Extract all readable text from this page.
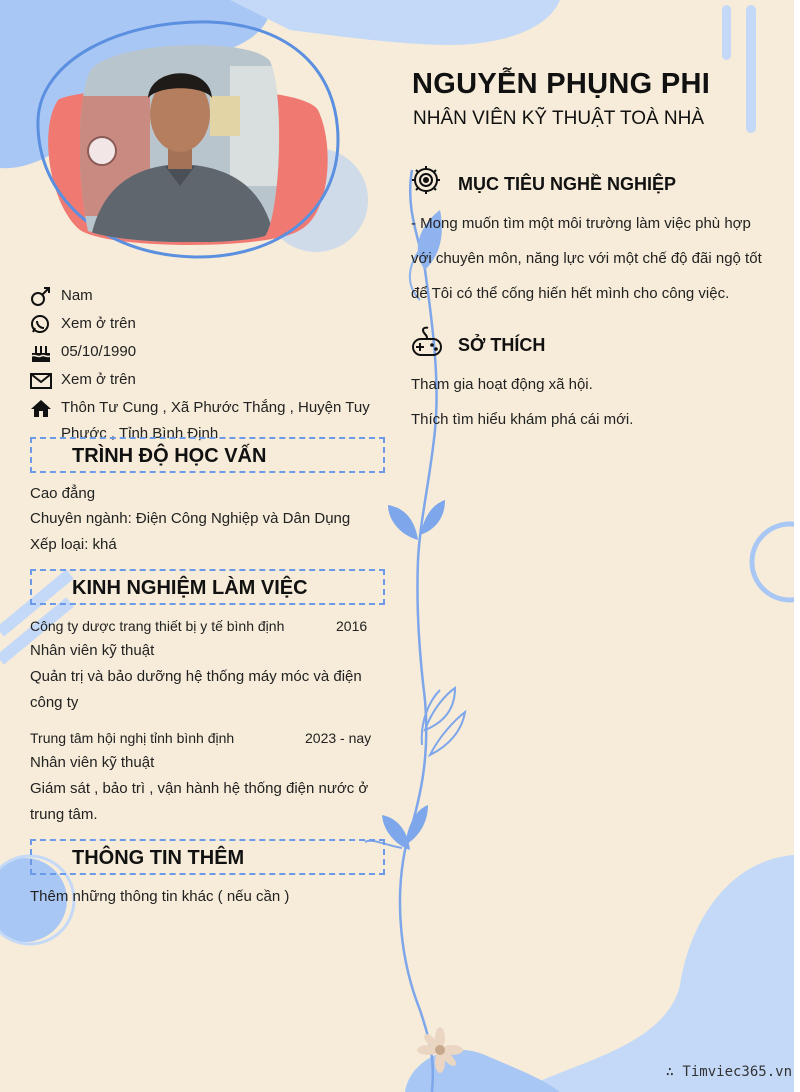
NGUYỄN PHỤNG PHI
NHÂN VIÊN KỸ THUẬT TOÀ NHÀ
Nam
Xem ở trên
05/10/1990
Xem ở trên
Thôn Tư Cung , Xã Phước Thắng , Huyện Tuy
Phước , Tỉnh Bình Định
TRÌNH ĐỘ HỌC VẤN
Cao đẳng
Chuyên ngành: Điện Công Nghiệp và Dân Dụng
Xếp loại: khá
KINH NGHIỆM LÀM VIỆC
Công ty dược trang thiết bị y tế bình định	2016
Nhân viên kỹ thuật
Quản trị và bảo dưỡng hệ thống máy móc và điện
công ty
Trung tâm hội nghị tỉnh bình định	2023 - nay
Nhân viên kỹ thuật
Giám sát , bảo trì , vận hành hệ thống điện nước ở
trung tâm.
THÔNG TIN THÊM
Thêm những thông tin khác ( nếu cần )
MỤC TIÊU NGHỀ NGHIỆP
- Mong muốn tìm một môi trường làm việc phù hợp
với chuyên môn, năng lực với một chế độ đãi ngộ tốt
để Tôi có thể cống hiến hết mình cho công việc.
SỞ THÍCH
Tham gia hoạt động xã hội.
Thích tìm hiểu khám phá cái mới.
∴ Timviec365.vn
